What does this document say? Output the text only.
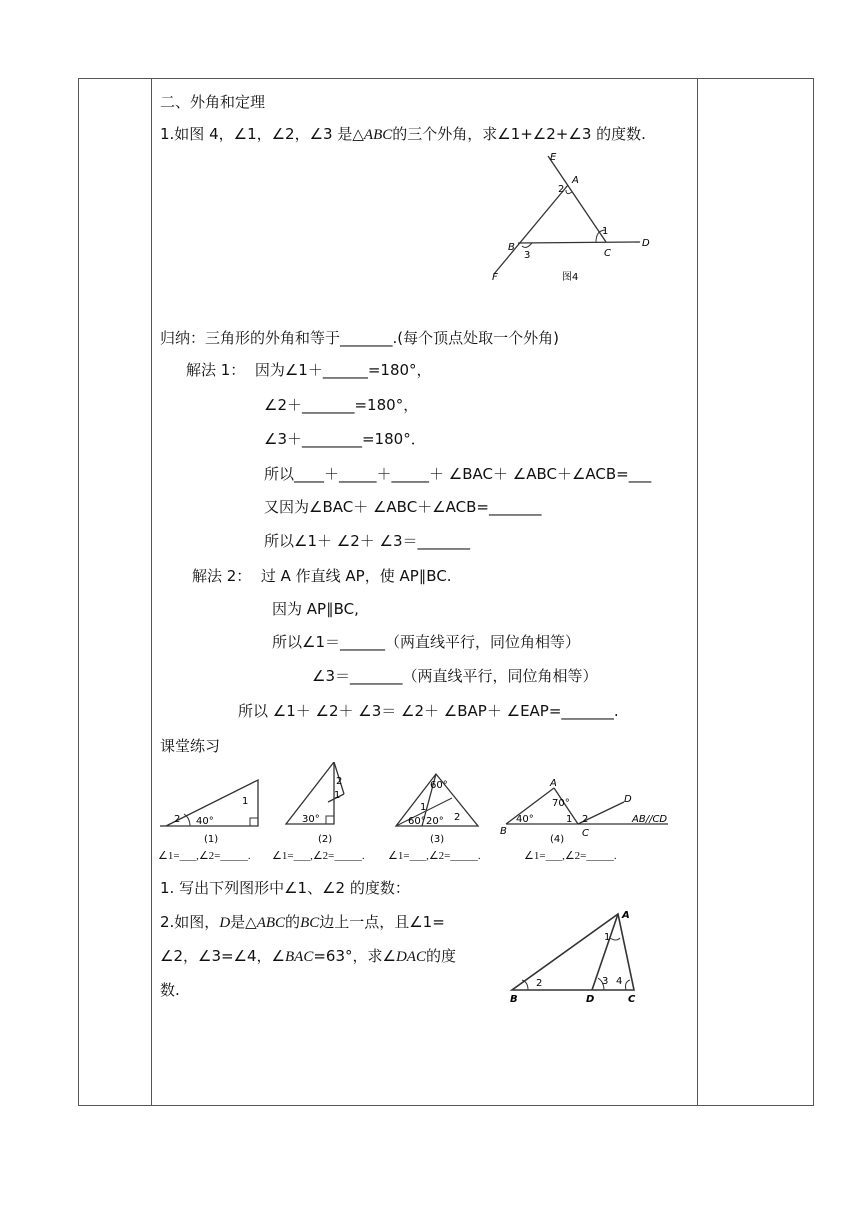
二、外角和定理
1.如图 4，∠1，∠2，∠3 是△ABC的三个外角，求∠1+∠2+∠3 的度数.
E
A
2
1
B
C
D
3
F	图4
归纳：三角形的外角和等于_______.(每个顶点处取一个外角)
解法 1：  因为∠1＋______=180°，
∠2＋_______=180°，
∠3＋________=180°．
所以____＋_____＋_____＋ ∠BAC＋ ∠ABC＋∠ACB=___
又因为∠BAC＋ ∠ABC＋∠ACB=_______
所以∠1＋ ∠2＋ ∠3＝_______
解法 2：  过 A 作直线 AP，使 AP∥BC.
因为 AP∥BC,
所以∠1＝______（两直线平行，同位角相等）
∠3＝_______（两直线平行，同位角相等）
所以 ∠1＋ ∠2＋ ∠3＝ ∠2＋ ∠BAP＋ ∠EAP=_______.
课堂练习
2
1
40°
(1)
∠1=___,∠2=_____.
2
1
30°
(2)
∠1=___,∠2=_____.
60°
1
2
60° 20°
(3)
∠1=___,∠2=_____.
A
D
70°
40°
B
1 2
C
AB//CD
(4)
∠1=___,∠2=_____.
1. 写出下列图形中∠1、∠2 的度数：
2.如图，D是△ABC的BC边上一点，且∠1=
∠2，∠3=∠4，∠BAC=63°，求∠DAC的度
数.
A
1
2	3 4
B	D	C
